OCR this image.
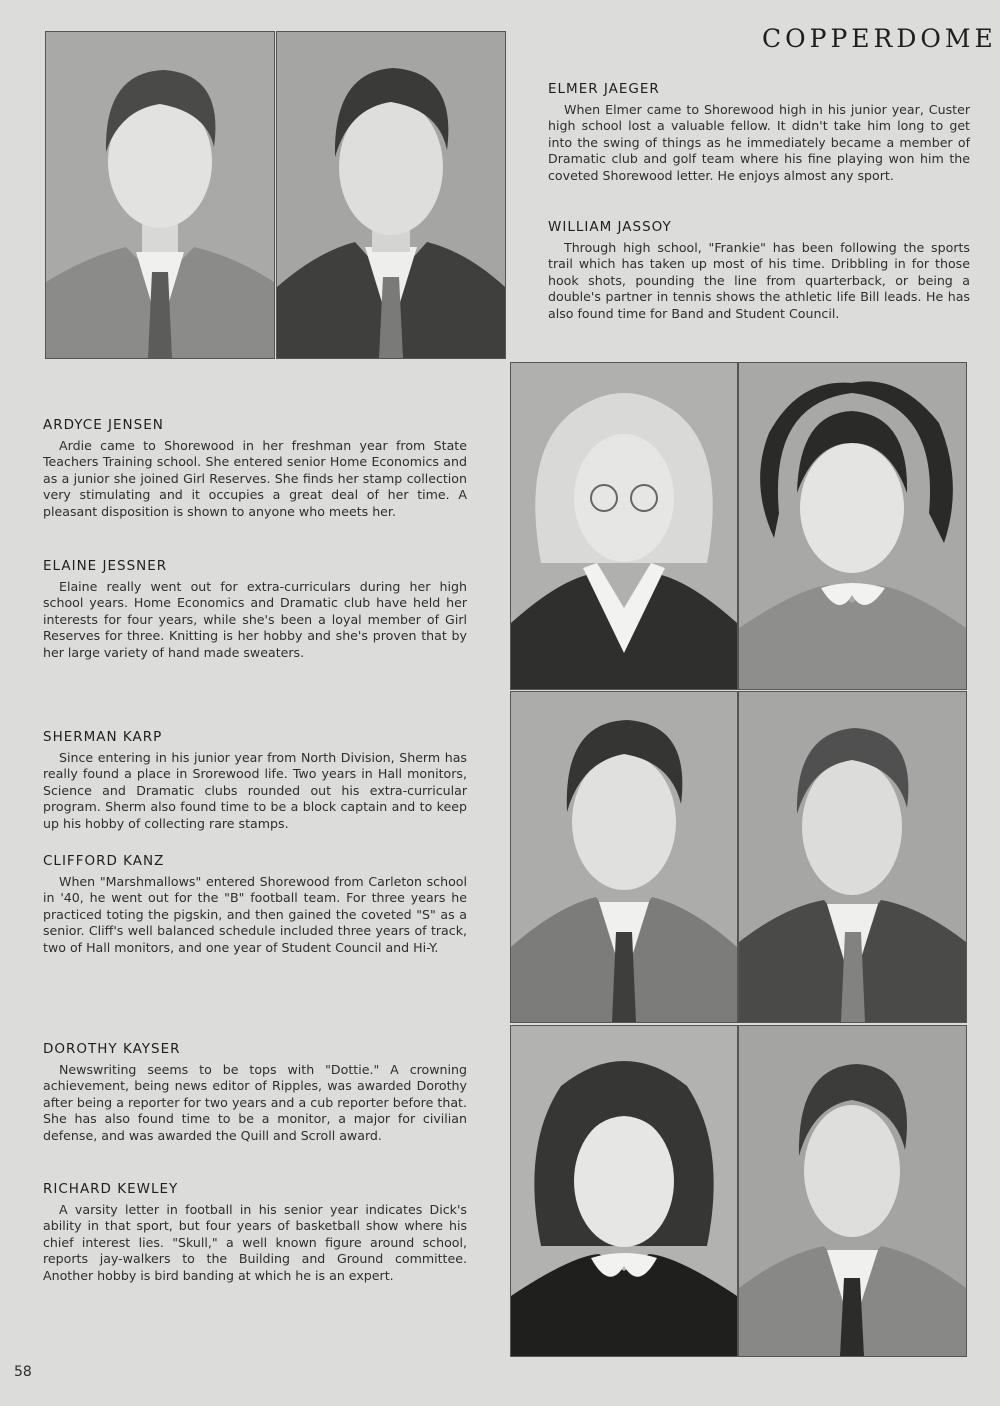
COPPERDOME
ELMER JAEGER

When Elmer came to Shorewood high in his junior year, Custer high school lost a valuable fellow. It didn't take him long to get into the swing of things as he immediately became a member of Dramatic club and golf team where his fine playing won him the coveted Shorewood letter. He enjoys almost any sport.

WILLIAM JASSOY

Through high school, "Frankie" has been following the sports trail which has taken up most of his time. Dribbling in for those hook shots, pounding the line from quarterback, or being a double's partner in tennis shows the athletic life Bill leads. He has also found time for Band and Student Council.

ARDYCE JENSEN

Ardie came to Shorewood in her freshman year from State Teachers Training school. She entered senior Home Economics and as a junior she joined Girl Reserves. She finds her stamp collection very stimulating and it occupies a great deal of her time. A pleasant disposition is shown to anyone who meets her.

ELAINE JESSNER

Elaine really went out for extra-curriculars during her high school years. Home Economics and Dramatic club have held her interests for four years, while she's been a loyal member of Girl Reserves for three. Knitting is her hobby and she's proven that by her large variety of hand made sweaters.

SHERMAN KARP

Since entering in his junior year from North Division, Sherm has really found a place in Srorewood life. Two years in Hall monitors, Science and Dramatic clubs rounded out his extra-curricular program. Sherm also found time to be a block captain and to keep up his hobby of collecting rare stamps.

CLIFFORD KANZ

When "Marshmallows" entered Shorewood from Carleton school in '40, he went out for the "B" football team. For three years he practiced toting the pigskin, and then gained the coveted "S" as a senior. Cliff's well balanced schedule included three years of track, two of Hall monitors, and one year of Student Council and Hi-Y.

DOROTHY KAYSER

Newswriting seems to be tops with "Dottie." A crowning achievement, being news editor of Ripples, was awarded Dorothy after being a reporter for two years and a cub reporter before that. She has also found time to be a monitor, a major for civilian defense, and was awarded the Quill and Scroll award.

RICHARD KEWLEY

A varsity letter in football in his senior year indicates Dick's ability in that sport, but four years of basketball show where his chief interest lies. "Skull," a well known figure around school, reports jay-walkers to the Building and Ground committee. Another hobby is bird banding at which he is an expert.

58
